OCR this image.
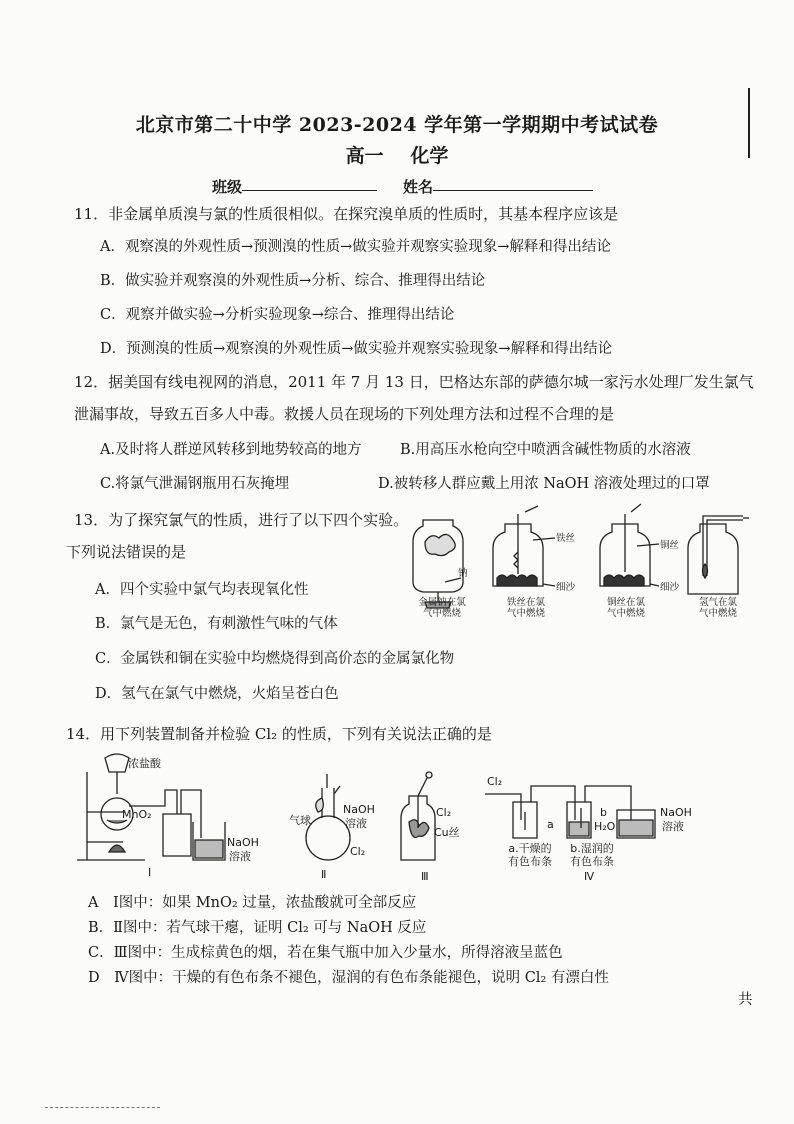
北京市第二十中学 2023-2024 学年第一学期期中考试试卷
高一 化学
班级	姓名
11．非金属单质溴与氯的性质很相似。在探究溴单质的性质时，其基本程序应该是
A．观察溴的外观性质→预测溴的性质→做实验并观察实验现象→解释和得出结论
B．做实验并观察溴的外观性质→分析、综合、推理得出结论
C．观察并做实验→分析实验现象→综合、推理得出结论
D．预测溴的性质→观察溴的外观性质→做实验并观察实验现象→解释和得出结论
12．据美国有线电视网的消息，2011 年 7 月 13 日，巴格达东部的萨德尔城一家污水处理厂发生氯气
泄漏事故，导致五百多人中毒。救援人员在现场的下列处理方法和过程不合理的是
A.及时将人群逆风转移到地势较高的地方	B.用高压水枪向空中喷洒含碱性物质的水溶液
C.将氯气泄漏钢瓶用石灰掩埋	D.被转移人群应戴上用浓 NaOH 溶液处理过的口罩
13．为了探究氯气的性质，进行了以下四个实验。
下列说法错误的是
A．四个实验中氯气均表现氧化性
B．氯气是无色，有刺激性气味的气体
C．金属铁和铜在实验中均燃烧得到高价态的金属氯化物
D．氢气在氯气中燃烧，火焰呈苍白色
钠
铁丝
细沙
铜丝
细沙
金属钠在氯
气中燃烧
铁丝在氯
气中燃烧
铜丝在氯
气中燃烧
氢气在氯
气中燃烧
14．用下列装置制备并检验 Cl₂ 的性质，下列有关说法正确的是
浓盐酸
MnO₂
NaOH
溶液
Ⅰ
气球
NaOH
溶液
Cl₂
Ⅱ
Cl₂
Cu丝
Ⅲ
Cl₂
a
b
H₂O
NaOH
溶液
a.干燥的
有色布条
b.湿润的
有色布条
Ⅳ
A　Ⅰ图中：如果 MnO₂ 过量，浓盐酸就可全部反应
B．Ⅱ图中：若气球干瘪，证明 Cl₂ 可与 NaOH 反应
C．Ⅲ图中：生成棕黄色的烟，若在集气瓶中加入少量水，所得溶液呈蓝色
D　Ⅳ图中：干燥的有色布条不褪色，湿润的有色布条能褪色，说明 Cl₂ 有漂白性
共
